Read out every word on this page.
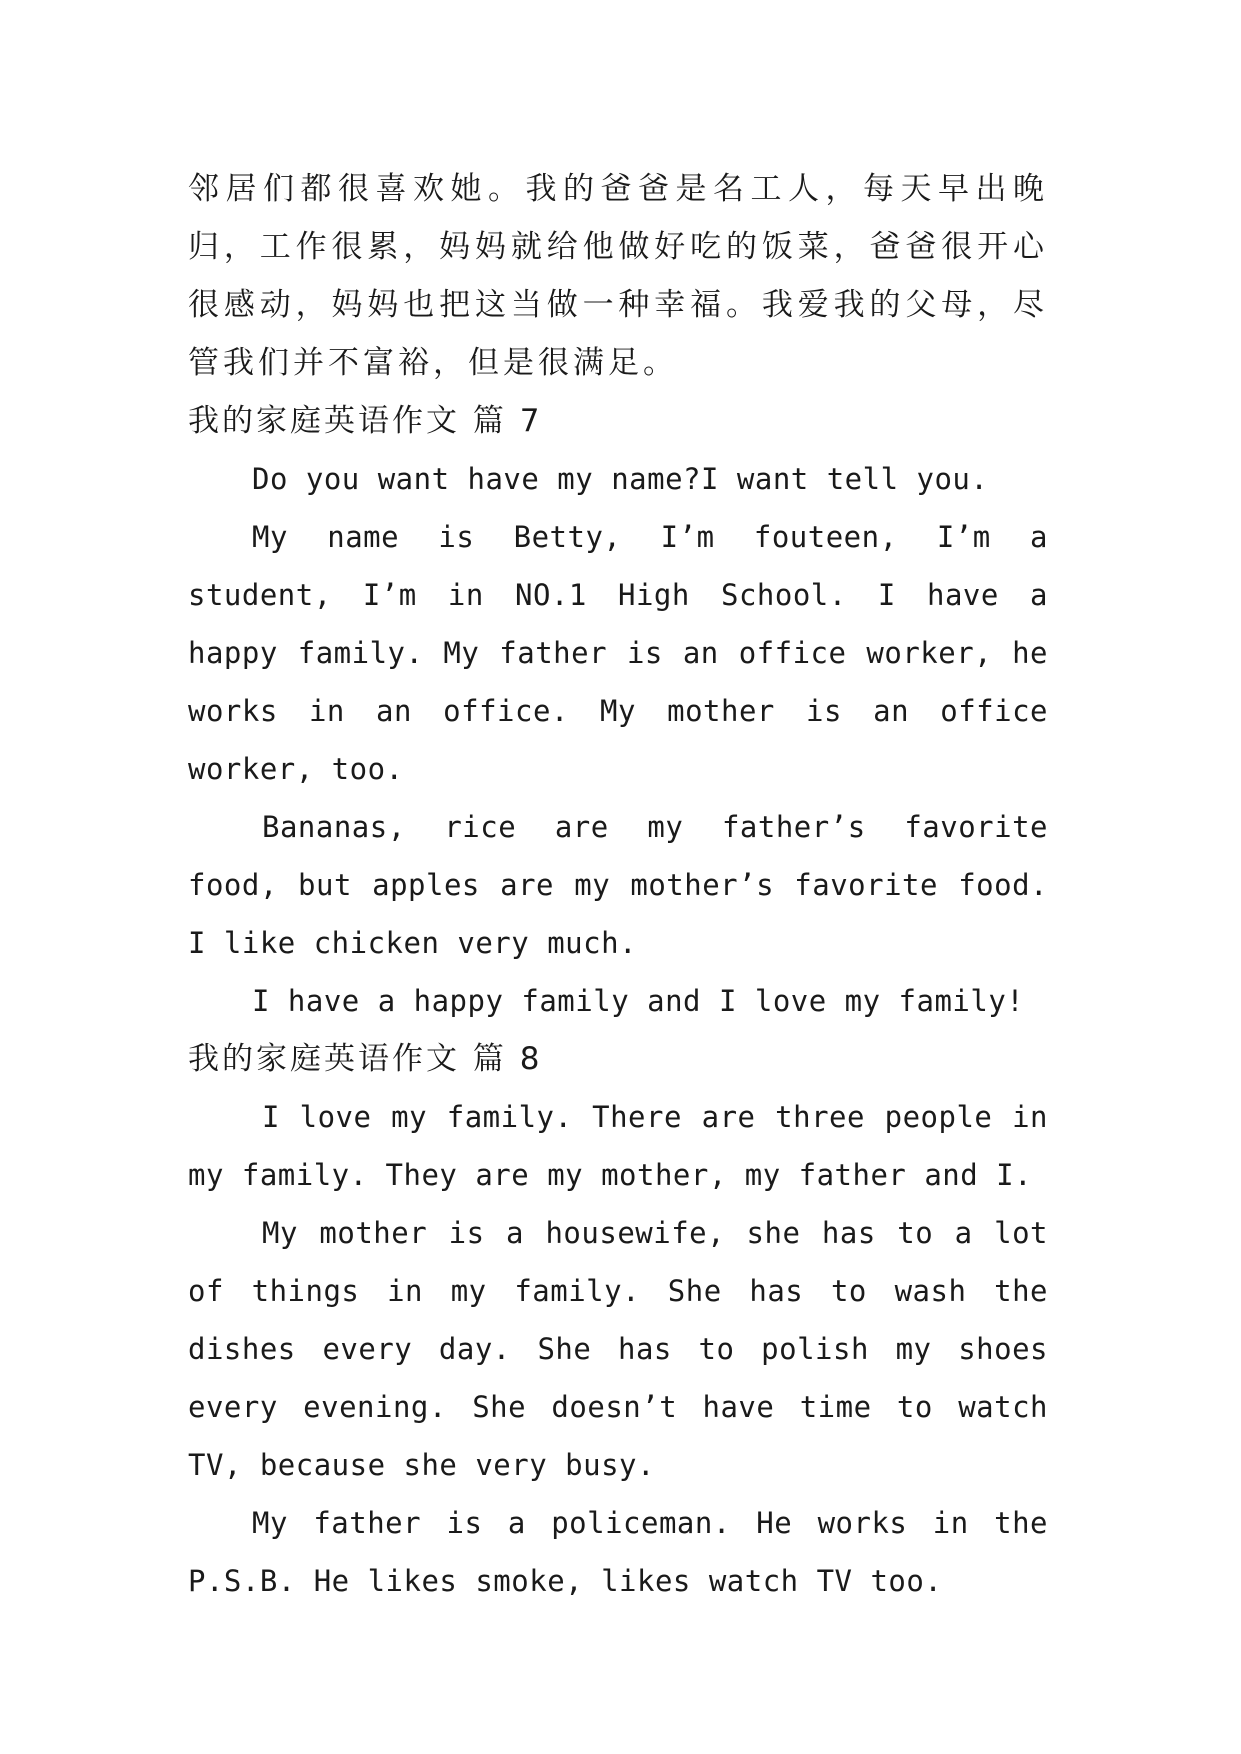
邻居们都很喜欢她。我的爸爸是名工人，每天早出晚归，工作很累，妈妈就给他做好吃的饭菜，爸爸很开心很感动，妈妈也把这当做一种幸福。我爱我的父母，尽管我们并不富裕，但是很满足。

我的家庭英语作文 篇 7

Do you want have my name?I want tell you.

My name is Betty, I’m fouteen, I’m a student, I’m in NO.1 High School. I have a happy family. My father is an office worker, he works in an office. My mother is an office worker, too.

Bananas, rice are my father’s favorite food, but apples are my mother’s favorite food. I like chicken very much.

I have a happy family and I love my family!

我的家庭英语作文 篇 8

I love my family. There are three people in my family. They are my mother, my father and I.

My mother is a housewife, she has to a lot of things in my family. She has to wash the dishes every day. She has to polish my shoes every evening. She doesn’t have time to watch TV, because she very busy.

My father is a policeman. He works in the P.S.B. He likes smoke, likes watch TV too.
